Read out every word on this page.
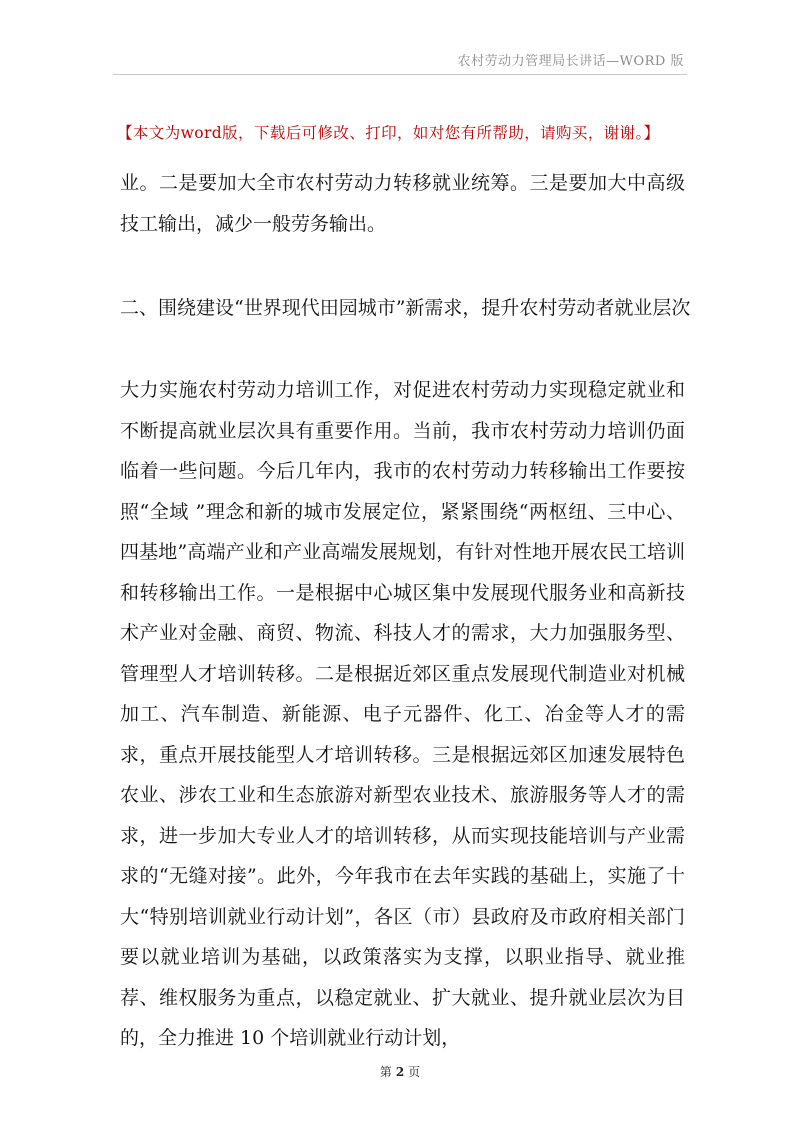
农村劳动力管理局长讲话—WORD 版
【本文为word版，下载后可修改、打印，如对您有所帮助，请购买，谢谢。】

业。二是要加大全市农村劳动力转移就业统筹。三是要加大中高级技工输出，减少一般劳务输出。

二、围绕建设“世界现代田园城市”新需求，提升农村劳动者就业层次

大力实施农村劳动力培训工作，对促进农村劳动力实现稳定就业和不断提高就业层次具有重要作用。当前，我市农村劳动力培训仍面临着一些问题。今后几年内，我市的农村劳动力转移输出工作要按照“全域 ”理念和新的城市发展定位，紧紧围绕“两枢纽、三中心、四基地”高端产业和产业高端发展规划，有针对性地开展农民工培训和转移输出工作。一是根据中心城区集中发展现代服务业和高新技术产业对金融、商贸、物流、科技人才的需求，大力加强服务型、管理型人才培训转移。二是根据近郊区重点发展现代制造业对机械加工、汽车制造、新能源、电子元器件、化工、冶金等人才的需求，重点开展技能型人才培训转移。三是根据远郊区加速发展特色农业、涉农工业和生态旅游对新型农业技术、旅游服务等人才的需求，进一步加大专业人才的培训转移，从而实现技能培训与产业需求的“无缝对接”。此外，今年我市在去年实践的基础上，实施了十大“特别培训就业行动计划”，各区（市）县政府及市政府相关部门要以就业培训为基础，以政策落实为支撑，以职业指导、就业推荐、维权服务为重点，以稳定就业、扩大就业、提升就业层次为目的，全力推进 10 个培训就业行动计划，

第 2 页
